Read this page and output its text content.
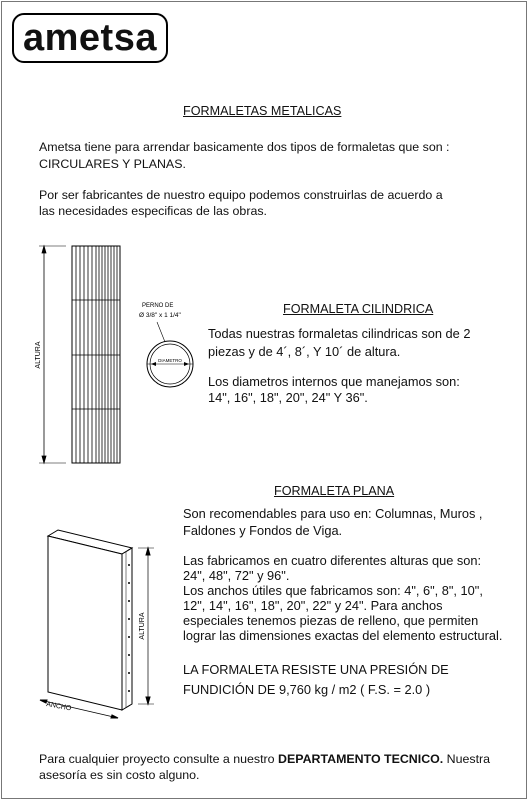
ametsa
FORMALETAS METALICAS
Ametsa tiene para arrendar basicamente dos tipos de formaletas que son :
CIRCULARES Y PLANAS.
Por ser fabricantes de nuestro equipo podemos construirlas de acuerdo a
las necesidades especificas de las obras.
ALTURA
PERNO DE
Ø 3/8" x 1 1/4"
DIAMETRO
FORMALETA CILINDRICA
Todas nuestras formaletas cilindricas son de 2
piezas y de 4´, 8´, Y 10´ de altura.
Los diametros internos que manejamos son:
14", 16", 18", 20", 24" Y 36".
FORMALETA PLANA
Son recomendables para uso en: Columnas, Muros ,
Faldones y Fondos de Viga.
Las fabricamos en cuatro diferentes alturas que son:
24", 48", 72" y 96".
Los anchos útiles que fabricamos son: 4", 6", 8", 10",
12", 14", 16", 18", 20", 22" y 24". Para anchos
especiales tenemos piezas de relleno, que permiten
lograr las dimensiones exactas del elemento estructural.
LA FORMALETA RESISTE UNA PRESIÓN DE
FUNDICIÓN DE 9,760 kg / m2 ( F.S. = 2.0 )
ALTURA
ANCHO
Para cualquier proyecto consulte a nuestro DEPARTAMENTO TECNICO. Nuestra
asesoría es sin costo alguno.
